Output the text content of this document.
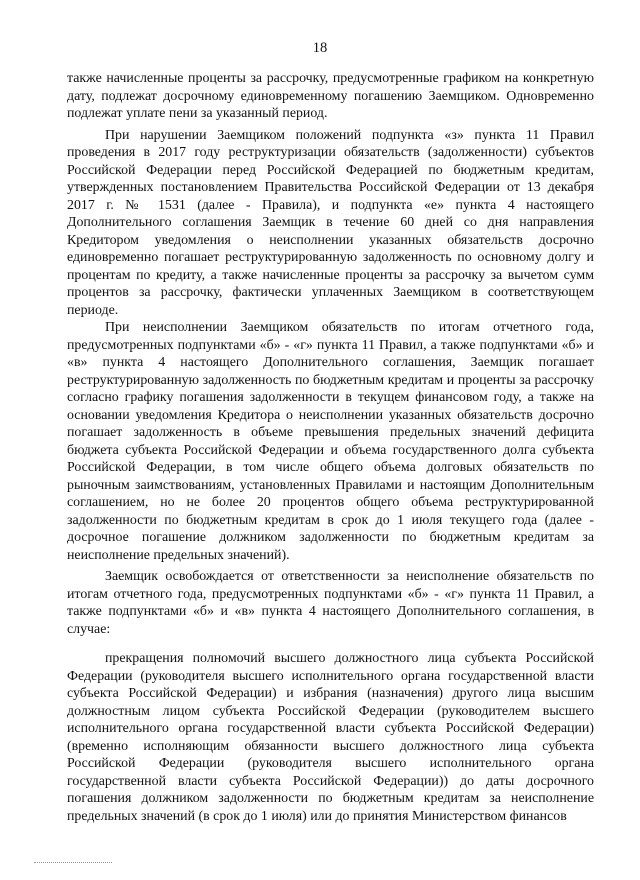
18

также начисленные проценты за рассрочку, предусмотренные графиком на конкретную дату, подлежат досрочному единовременному погашению Заемщиком. Одновременно подлежат уплате пени за указанный период.

При нарушении Заемщиком положений подпункта «з» пункта 11 Правил проведения в 2017 году реструктуризации обязательств (задолженности) субъектов Российской Федерации перед Российской Федерацией по бюджетным кредитам, утвержденных постановлением Правительства Российской Федерации от 13 декабря 2017 г. № 1531 (далее - Правила), и подпункта «е» пункта 4 настоящего Дополнительного соглашения Заемщик в течение 60 дней со дня направления Кредитором уведомления о неисполнении указанных обязательств досрочно единовременно погашает реструктурированную задолженность по основному долгу и процентам по кредиту, а также начисленные проценты за рассрочку за вычетом сумм процентов за рассрочку, фактически уплаченных Заемщиком в соответствующем периоде.

При неисполнении Заемщиком обязательств по итогам отчетного года, предусмотренных подпунктами «б» - «г» пункта 11 Правил, а также подпунктами «б» и «в» пункта 4 настоящего Дополнительного соглашения, Заемщик погашает реструктурированную задолженность по бюджетным кредитам и проценты за рассрочку согласно графику погашения задолженности в текущем финансовом году, а также на основании уведомления Кредитора о неисполнении указанных обязательств досрочно погашает задолженность в объеме превышения предельных значений дефицита бюджета субъекта Российской Федерации и объема государственного долга субъекта Российской Федерации, в том числе общего объема долговых обязательств по рыночным заимствованиям, установленных Правилами и настоящим Дополнительным соглашением, но не более 20 процентов общего объема реструктурированной задолженности по бюджетным кредитам в срок до 1 июля текущего года (далее - досрочное погашение должником задолженности по бюджетным кредитам за неисполнение предельных значений).

Заемщик освобождается от ответственности за неисполнение обязательств по итогам отчетного года, предусмотренных подпунктами «б» - «г» пункта 11 Правил, а также подпунктами «б» и «в» пункта 4 настоящего Дополнительного соглашения, в случае:

прекращения полномочий высшего должностного лица субъекта Российской Федерации (руководителя высшего исполнительного органа государственной власти субъекта Российской Федерации) и избрания (назначения) другого лица высшим должностным лицом субъекта Российской Федерации (руководителем высшего исполнительного органа государственной власти субъекта Российской Федерации) (временно исполняющим обязанности высшего должностного лица субъекта Российской Федерации (руководителя высшего исполнительного органа государственной власти субъекта Российской Федерации)) до даты досрочного погашения должником задолженности по бюджетным кредитам за неисполнение предельных значений (в срок до 1 июля) или до принятия Министерством финансов
